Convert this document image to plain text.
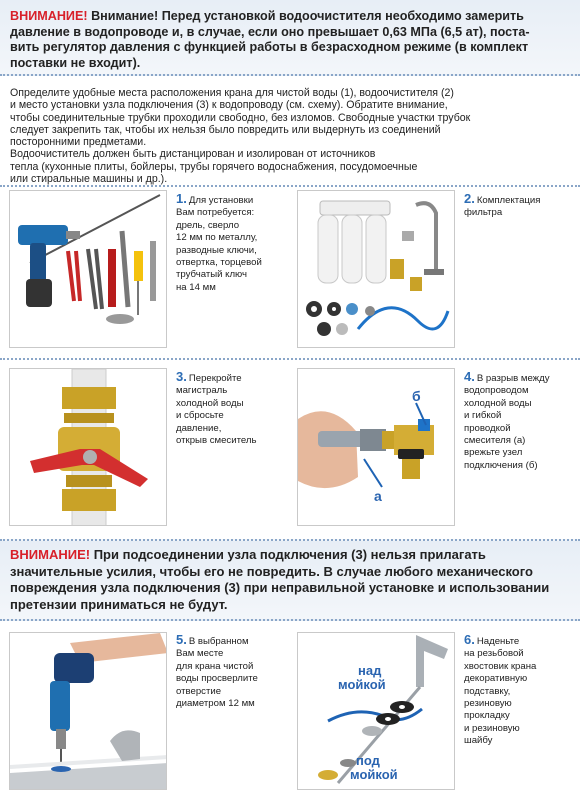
ВНИМАНИЕ! Внимание! Перед установкой водоочистителя необходимо замерить
давление в водопроводе и, в случае, если оно превышает 0,63 МПа (6,5 ат), поста-
вить регулятор давления с функцией работы в безрасходном режиме (в комплект
поставки не входит).

Определите удобные места расположения крана для чистой воды (1), водоочистителя (2)
и место установки узла подключения (3) к водопроводу (см. схему). Обратите внимание,
чтобы соединительные трубки проходили свободно, без изломов. Свободные участки трубок
следует закрепить так, чтобы их нельзя было повредить или выдернуть из соединений
посторонними предметами.
Водоочиститель должен быть дистанцирован и изолирован от источников
тепла (кухонные плиты, бойлеры, трубы горячего водоснабжения, посудомоечные
или стиральные машины и др.).

1. Для установки
Вам потребуется:
дрель, сверло
12 мм по металлу,
разводные ключи,
отвертка, торцевой
трубчатый ключ
на 14 мм
2. Комплектация
фильтра
3. Перекройте
магистраль
холодной воды
и сбросьте
давление,
открыв смеситель
б
а
4. В разрыв между
водопроводом
холодной воды
и гибкой
проводкой
смесителя (а)
врежьте узел
подключения (б)
ВНИМАНИЕ! При подсоединении узла подключения (3) нельзя прилагать
значительные усилия, чтобы его не повредить. В случае любого механического
повреждения узла подключения (3) при неправильной установке и использовании
претензии приниматься не будут.
5. В выбранном
Вам месте
для крана чистой
воды просверлите
отверстие
диаметром 12 мм
над
мойкой
под
мойкой
6. Наденьте
на резьбовой
хвостовик крана
декоративную
подставку,
резиновую
прокладку
и резиновую
шайбу
